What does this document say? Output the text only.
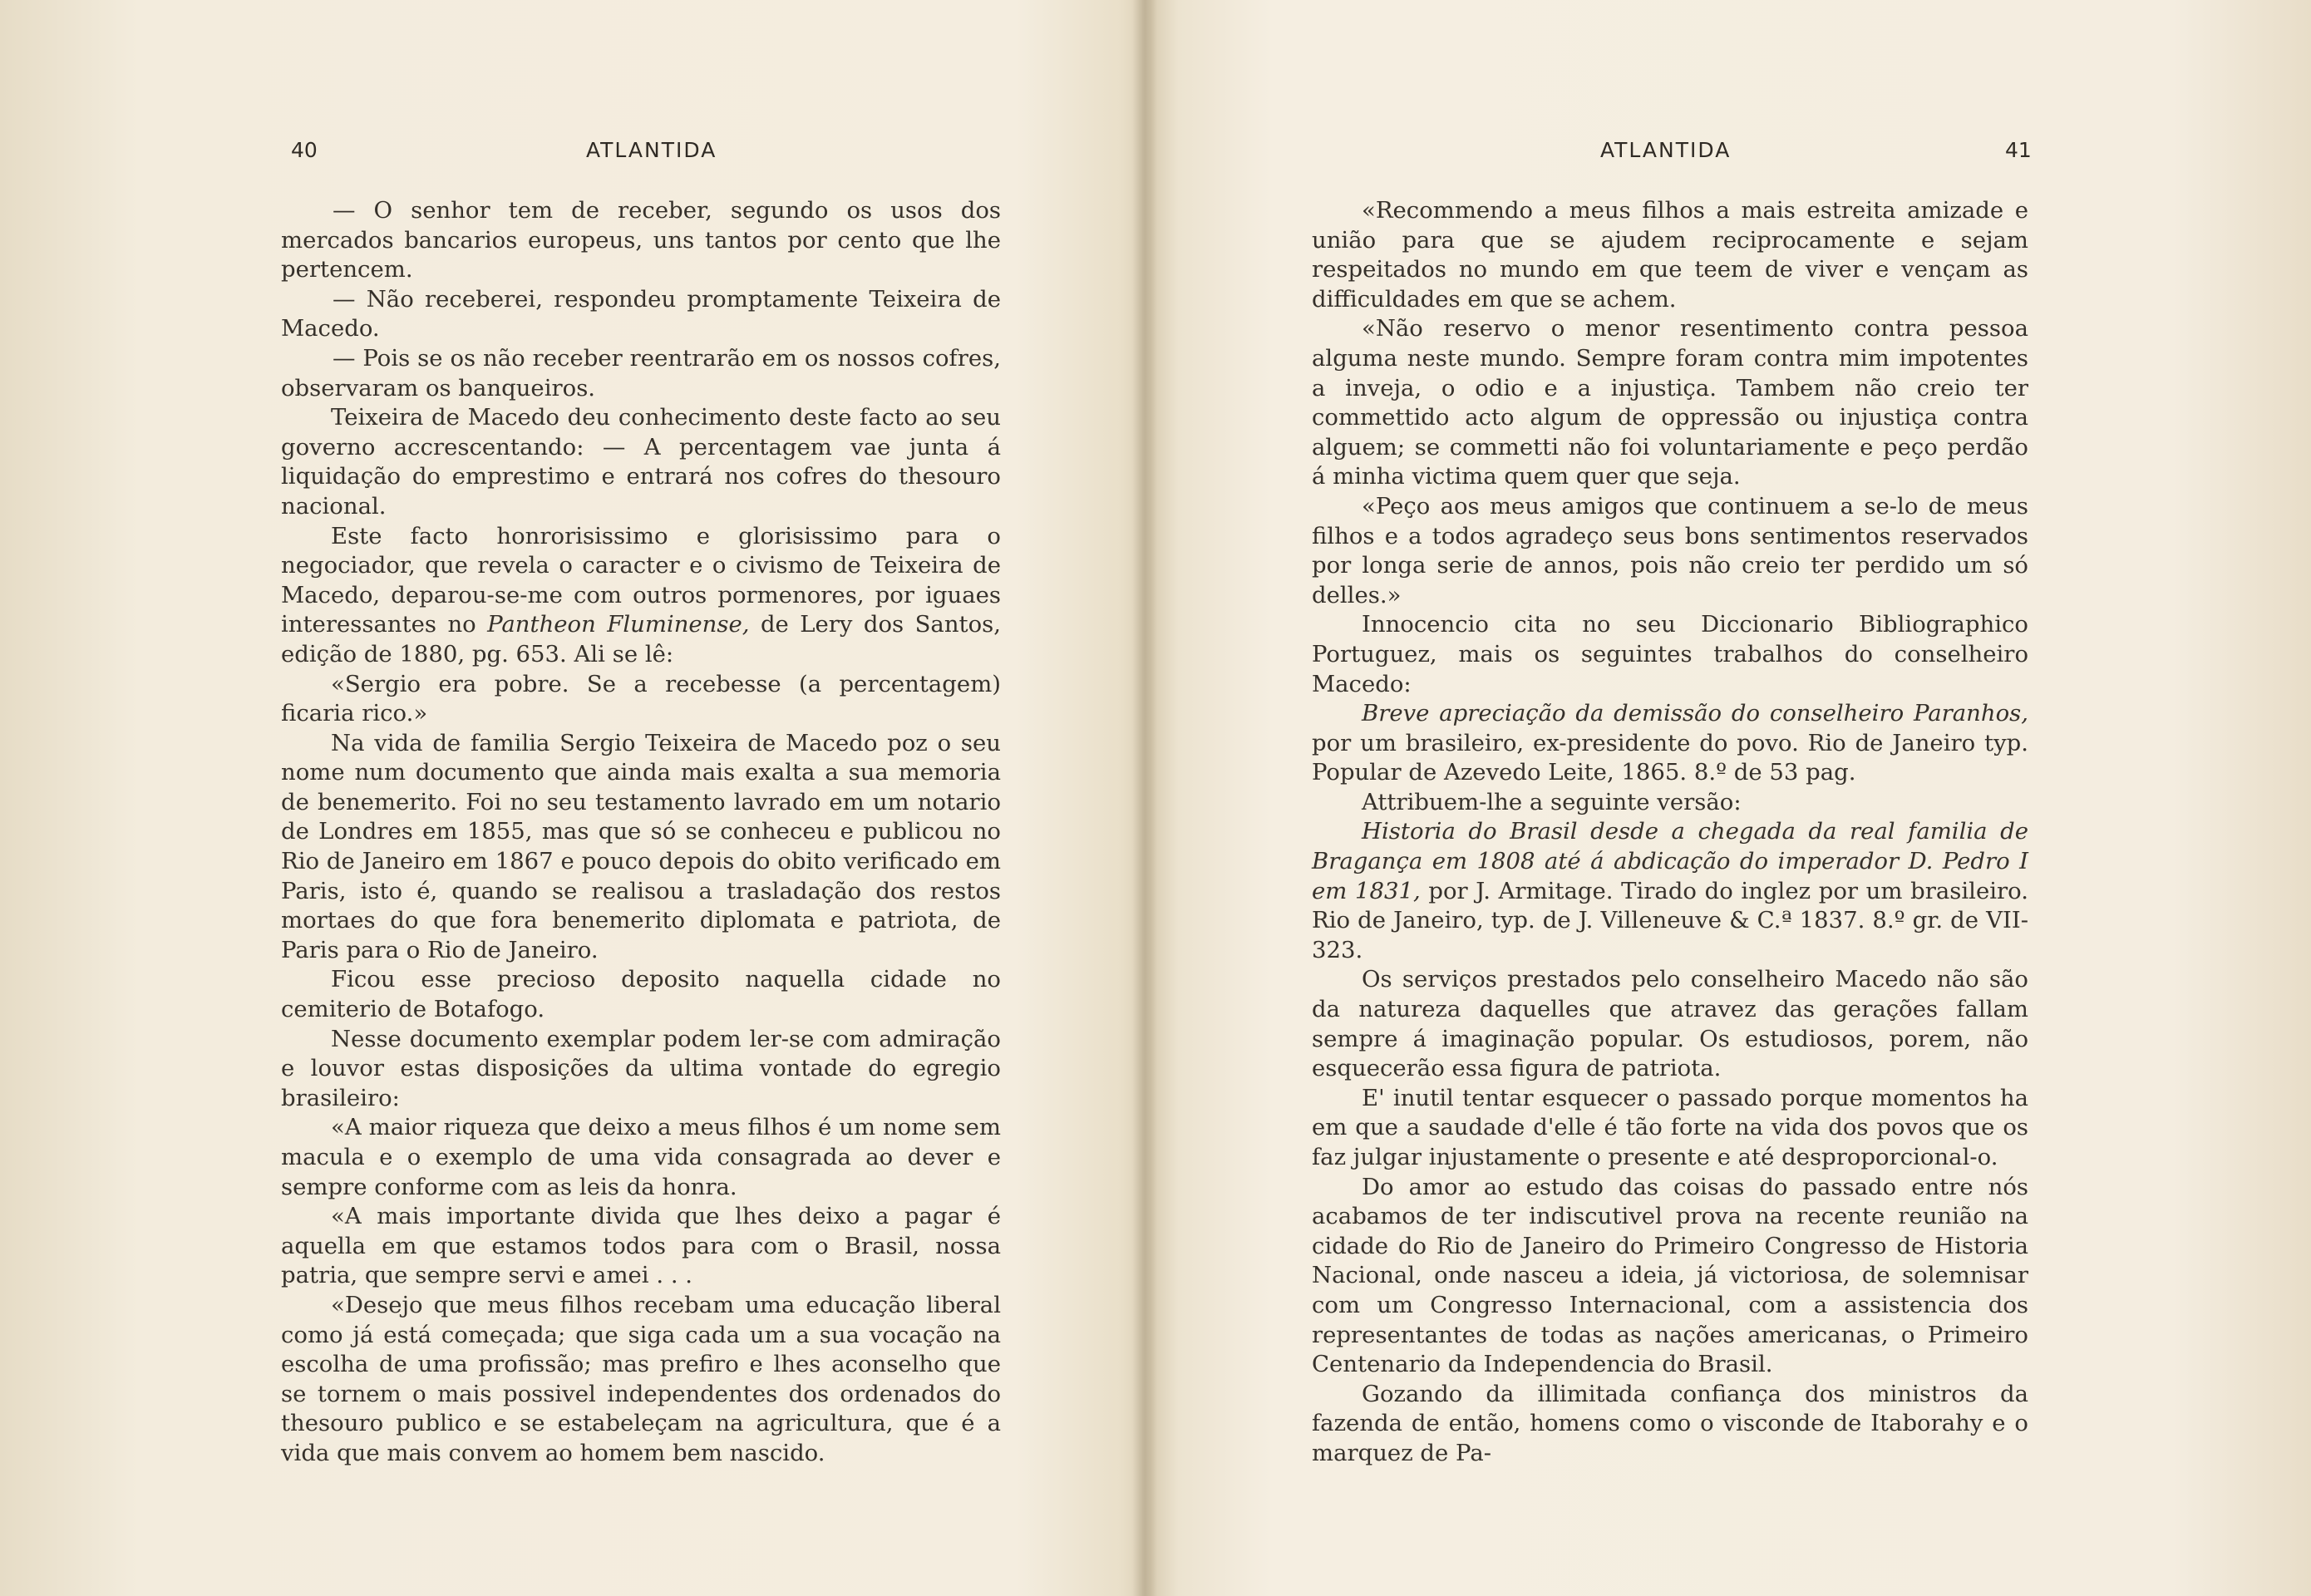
40	ATLANTIDA

— O senhor tem de receber, segundo os usos dos mercados bancarios europeus, uns tantos por cento que lhe pertencem.

— Não receberei, respondeu promptamente Teixeira de Macedo.

— Pois se os não receber reentrarão em os nossos cofres, observaram os banqueiros.

Teixeira de Macedo deu conhecimento deste facto ao seu governo accrescentando: — A percentagem vae junta á liquidação do emprestimo e entrará nos cofres do thesouro nacional.

Este facto honrorisissimo e glorisissimo para o negociador, que revela o caracter e o civismo de Teixeira de Macedo, deparou-se-me com outros pormenores, por iguaes interessantes no Pantheon Fluminense, de Lery dos Santos, edição de 1880, pg. 653. Ali se lê:

«Sergio era pobre. Se a recebesse (a percentagem) ficaria rico.»

Na vida de familia Sergio Teixeira de Macedo poz o seu nome num documento que ainda mais exalta a sua memoria de benemerito. Foi no seu testamento lavrado em um notario de Londres em 1855, mas que só se conheceu e publicou no Rio de Janeiro em 1867 e pouco depois do obito verificado em Paris, isto é, quando se realisou a trasladação dos restos mortaes do que fora benemerito diplomata e patriota, de Paris para o Rio de Janeiro.

Ficou esse precioso deposito naquella cidade no cemiterio de Botafogo.

Nesse documento exemplar podem ler-se com admiração e louvor estas disposições da ultima vontade do egregio brasileiro:

«A maior riqueza que deixo a meus filhos é um nome sem macula e o exemplo de uma vida consagrada ao dever e sempre conforme com as leis da honra.

«A mais importante divida que lhes deixo a pagar é aquella em que estamos todos para com o Brasil, nossa patria, que sempre servi e amei . . .

«Desejo que meus filhos recebam uma educação liberal como já está começada; que siga cada um a sua vocação na escolha de uma profissão; mas prefiro e lhes aconselho que se tornem o mais possivel independentes dos ordenados do thesouro publico e se estabeleçam na agricultura, que é a vida que mais convem ao homem bem nascido.

ATLANTIDA	41

«Recommendo a meus filhos a mais estreita amizade e união para que se ajudem reciprocamente e sejam respeitados no mundo em que teem de viver e vençam as difficuldades em que se achem.

«Não reservo o menor resentimento contra pessoa alguma neste mundo. Sempre foram contra mim impotentes a inveja, o odio e a injustiça. Tambem não creio ter commettido acto algum de oppressão ou injustiça contra alguem; se commetti não foi voluntariamente e peço perdão á minha victima quem quer que seja.

«Peço aos meus amigos que continuem a se-lo de meus filhos e a todos agradeço seus bons sentimentos reservados por longa serie de annos, pois não creio ter perdido um só delles.»

Innocencio cita no seu Diccionario Bibliographico Portuguez, mais os seguintes trabalhos do conselheiro Macedo:

Breve apreciação da demissão do conselheiro Paranhos, por um brasileiro, ex-presidente do povo. Rio de Janeiro typ. Popular de Azevedo Leite, 1865. 8.º de 53 pag.

Attribuem-lhe a seguinte versão:

Historia do Brasil desde a chegada da real familia de Bragança em 1808 até á abdicação do imperador D. Pedro I em 1831, por J. Armitage. Tirado do inglez por um brasileiro. Rio de Janeiro, typ. de J. Villeneuve & C.ª 1837. 8.º gr. de VII-323.

Os serviços prestados pelo conselheiro Macedo não são da natureza daquelles que atravez das gerações fallam sempre á imaginação popular. Os estudiosos, porem, não esquecerão essa figura de patriota.

E' inutil tentar esquecer o passado porque momentos ha em que a saudade d'elle é tão forte na vida dos povos que os faz julgar injustamente o presente e até desproporcional-o.

Do amor ao estudo das coisas do passado entre nós acabamos de ter indiscutivel prova na recente reunião na cidade do Rio de Janeiro do Primeiro Congresso de Historia Nacional, onde nasceu a ideia, já victoriosa, de solemnisar com um Congresso Internacional, com a assistencia dos representantes de todas as nações americanas, o Primeiro Centenario da Independencia do Brasil.

Gozando da illimitada confiança dos ministros da fazenda de então, homens como o visconde de Itaborahy e o marquez de Pa-
